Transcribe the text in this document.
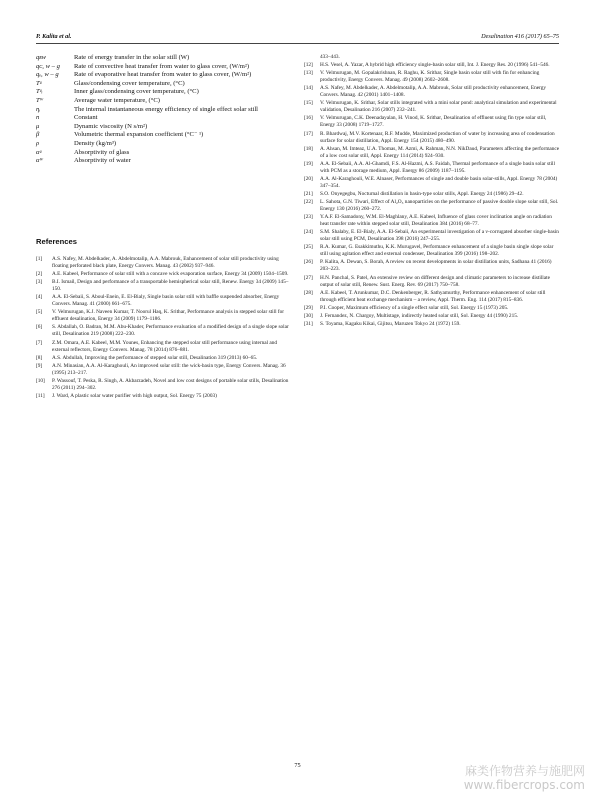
P. Kalita et al.	Desalination 416 (2017) 65–75
qᴇᴡ	Rate of energy transfer in the solar still (W)
qᴄ, w – g	Rate of convective heat transfer from water to glass cover, (W/m²)
qₑ, w – g	Rate of evaporative heat transfer from water to glass cover, (W/m²)
Tᵍ	Glass/condensing cover temperature, (°C)
Tᵍᵢ	Inner glass/condensing cover temperature, (°C)
Tᵂ	Average water temperature, (°C)
ηᵢ	The internal instantaneous energy efficiency of single effect solar still
n	Constant
μ	Dynamic viscosity (N s/m²)
β	Volumetric thermal expansion coefficient (°C⁻ ¹)
ρ	Density (kg/m³)
αᵍ	Absorptivity of glass
αᵂ	Absorptivity of water
References
[1]	A.S. Nafey, M. Abdelkader, A. Abdelmotalip, A.A. Mabrouk, Enhancement of solar still productivity using floating perforated black plate, Energy Convers. Manag. 43 (2002) 937–946.
[2]	A.E. Kabeel, Performance of solar still with a concave wick evaporation surface, Energy 34 (2009) 1504–1509.
[3]	B.I. Ismail, Design and performance of a transportable hemispherical solar still, Renew. Energy 34 (2009) 145–150.
[4]	A.A. El-Sebaii, S. Aboul-Enein, E. El-Bialy, Single basin solar still with baffle suspended absorber, Energy Convers. Manag. 41 (2000) 661–675.
[5]	V. Velmurugan, K.J. Naveen Kumar, T. Noorul Haq, K. Srithar, Performance analysis in stepped solar still for effluent desalination, Energy 34 (2009) 1179–1186.
[6]	S. Abdallah, O. Badran, M.M. Abu-Khader, Performance evaluation of a modified design of a single slope solar still, Desalination 219 (2008) 222–230.
[7]	Z.M. Omara, A.E. Kabeel, M.M. Younes, Enhancing the stepped solar still performance using internal and external reflectors, Energy Convers. Manag. 78 (2014) 876–881.
[8]	A.S. Abdullah, Improving the performance of stepped solar still, Desalination 319 (2013) 60–65.
[9]	A.N. Minasian, A.A. Al-Karaghouli, An improved solar still: the wick-basin type, Energy Convers. Manag. 36 (1995) 213–217.
[10]	P. Wassouf, T. Peska, R. Singh, A. Akbarzadeh, Novel and low cost designs of portable solar stills, Desalination 276 (2011) 294–302.
[11]	J. Ward, A plastic solar water purifier with high output, Sol. Energy 75 (2003)
433–443.
[12]	H.S. Vesel, A. Yazar, A hybrid high efficiency single-basin solar still, Int. J. Energy Res. 20 (1996) 541–546.
[13]	V. Velmurugan, M. Gopalakrishnan, R. Raghu, K. Srithar, Single basin solar still with fin for enhancing productivity, Energy Convers. Manag. 49 (2008) 2602–2608.
[14]	A.S. Nafey, M. Abdelkader, A. Abdelmotalip, A.A. Mabrouk, Solar still productivity enhancement, Energy Convers. Manag. 42 (2001) 1401–1408.
[15]	V. Velmurugan, K. Srithar, Solar stills integrated with a mini solar pond: analytical simulation and experimental validation, Desalination 216 (2007) 232–241.
[16]	V. Velmurugan, C.K. Deenadayalan, H. Vinod, K. Srithar, Desalination of effluent using fin type solar still, Energy 33 (2008) 1719–1727.
[17]	R. Bhardwaj, M.V. Kortenaar, R.F. Mudde, Maximized production of water by increasing area of condensation surface for solar distillation, Appl. Energy 154 (2015) 480–490.
[18]	A. Ahsan, M. Imteaz, U.A. Thomas, M. Azmi, A. Rahman, N.N. NikDaud, Parameters affecting the performance of a low cost solar still, Appl. Energy 114 (2014) 924–930.
[19]	A.A. El-Sebaii, A.A. Al-Ghamdi, F.S. Al-Hazmi, A.S. Faidah, Thermal performance of a single basin solar still with PCM as a storage medium, Appl. Energy 86 (2009) 1187–1195.
[20]	A.A. Al-Karaghouli, W.E. Alnaser, Performances of single and double basin solar-stills, Appl. Energy 78 (2004) 347–354.
[21]	S.O. Onyegegbu, Nocturnal distillation in basin-type solar stills, Appl. Energy 24 (1986) 29–42.
[22]	L. Sahota, G.N. Tiwari, Effect of Al₂O₃ nanoparticles on the performance of passive double slope solar still, Sol. Energy 130 (2016) 260–272.
[23]	Y.A.F. El-Samadony, W.M. El-Maghlany, A.E. Kabeel, Influence of glass cover inclination angle on radiation heat transfer rate within stepped solar still, Desalination 384 (2016) 68–77.
[24]	S.M. Shalaby, E. El-Bialy, A.A. El-Sebaii, An experimental investigation of a v-corrugated absorber single-basin solar still using PCM, Desalination 398 (2016) 247–255.
[25]	R.A. Kumar, G. Esakkimuthu, K.K. Murugavel, Performance enhancement of a single basin single slope solar still using agitation effect and external condenser, Desalination 399 (2016) 198–202.
[26]	P. Kalita, A. Dewan, S. Borah, A review on recent developments in solar distillation units, Sadhana 41 (2016) 203–223.
[27]	H.N. Panchal, S. Patel, An extensive review on different design and climatic parameters to increase distillate output of solar still, Renew. Sust. Energ. Rev. 69 (2017) 750–758.
[28]	A.E. Kabeel, T. Arunkumar, D.C. Denkenberger, R. Sathyamurthy, Performance enhancement of solar still through efficient heat exchange mechanism – a review, Appl. Therm. Eng. 114 (2017) 815–836.
[29]	P.I. Cooper, Maximum efficiency of a single effect solar still, Sol. Energy 15 (1973) 205.
[30]	J. Fernandez, N. Chargoy, Multistage, indirectly heated solar still, Sol. Energy 44 (1990) 215.
[31]	S. Toyama, Kagaku Kikai, Gijitsu, Maruzen Tokyo 24 (1972) 159.
75	麻类作物营养与施肥网
www.fibercrops.com
